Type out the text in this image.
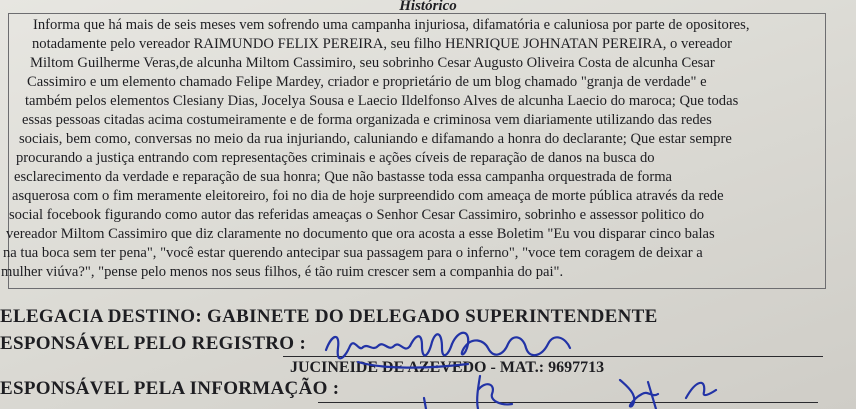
Histórico
Informa que há mais de seis meses vem sofrendo uma campanha injuriosa, difamatória e caluniosa por parte de opositores,
notadamente pelo vereador RAIMUNDO FELIX PEREIRA, seu filho HENRIQUE JOHNATAN PEREIRA, o vereador
Miltom Guilherme Veras,de alcunha Miltom Cassimiro, seu sobrinho Cesar Augusto Oliveira Costa de alcunha Cesar
Cassimiro e um elemento chamado Felipe Mardey, criador e proprietário de um blog chamado "granja de verdade" e
também pelos elementos Clesiany Dias, Jocelya Sousa e Laecio Ildelfonso Alves de alcunha Laecio do maroca; Que todas
essas pessoas citadas acima costumeiramente e de forma organizada e criminosa vem diariamente utilizando das redes
sociais, bem como, conversas no meio da rua injuriando, caluniando e difamando a honra do declarante; Que estar sempre
procurando a justiça entrando com representações criminais e ações cíveis de reparação de danos na busca do
esclarecimento da verdade e reparação de sua honra; Que não bastasse toda essa campanha orquestrada de forma
asquerosa com o fim meramente eleitoreiro, foi no dia de hoje surpreendido com ameaça de morte pública através da rede
social focebook figurando como autor das referidas ameaças o Senhor Cesar Cassimiro, sobrinho e assessor politico do
vereador Miltom Cassimiro que diz claramente no documento que ora acosta a esse Boletim "Eu vou disparar cinco balas
na tua boca sem ter pena", "você estar querendo antecipar sua passagem para o inferno", "voce tem coragem de deixar a
mulher viúva?", "pense pelo menos nos seus filhos, é tão ruim crescer sem a companhia do pai".
ELEGACIA DESTINO: GABINETE DO DELEGADO SUPERINTENDENTE
ESPONSÁVEL PELO REGISTRO :
JUCINEIDE DE AZEVEDO - MAT.: 9697713
ESPONSÁVEL PELA INFORMAÇÃO :
